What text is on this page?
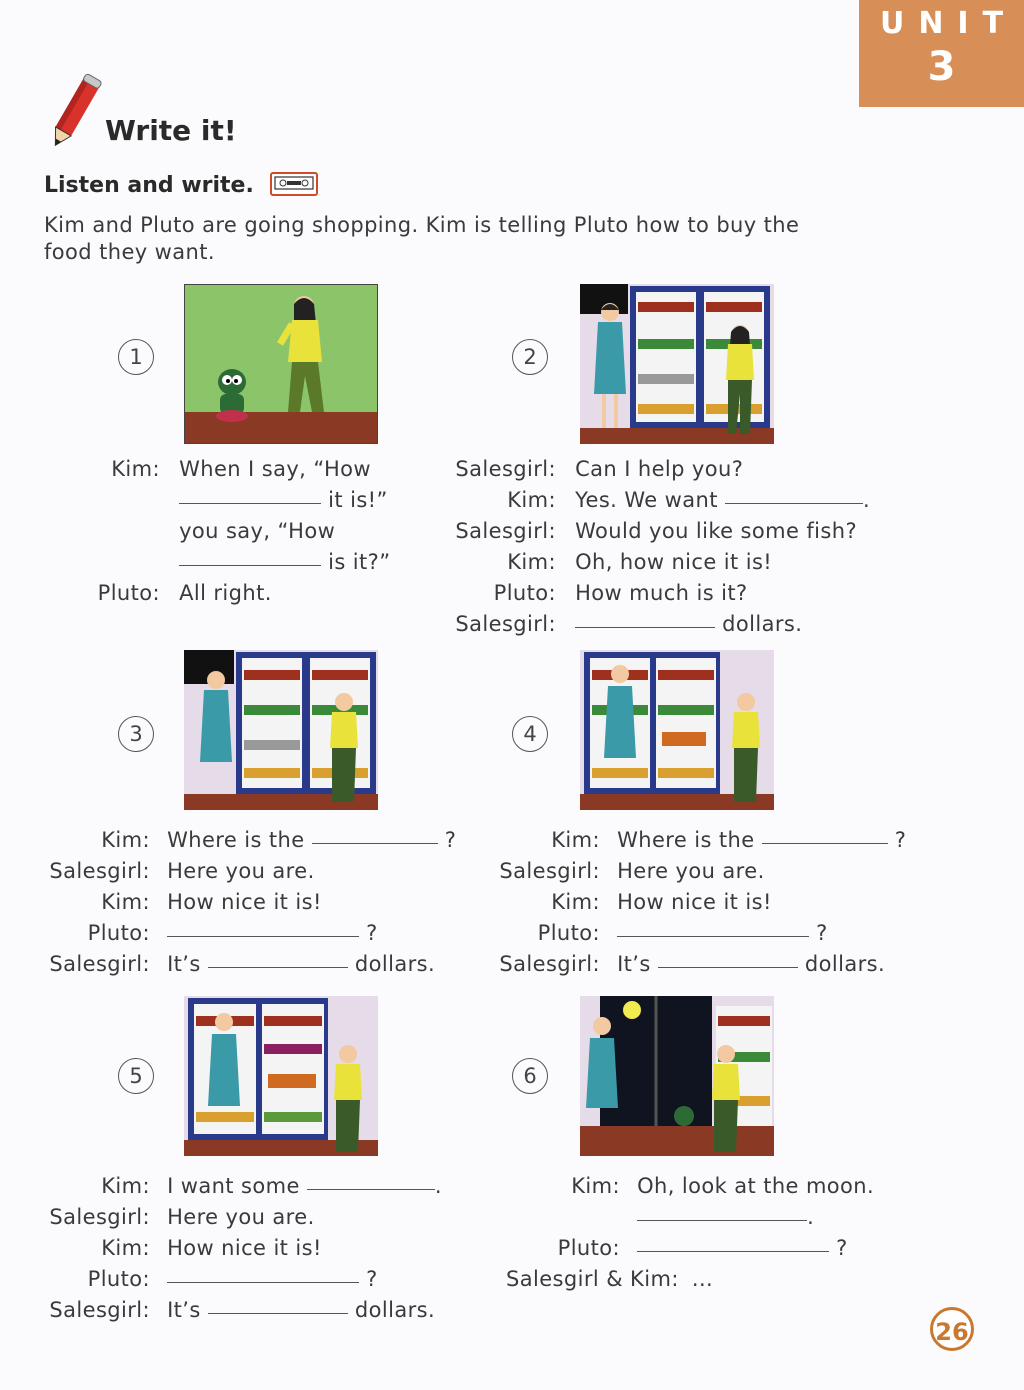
UNIT
3
Write it!
Listen and write.
Kim and Pluto are going shopping. Kim is telling Pluto how to buy the
food they want.
1	2
3	4
5	6
Kim: When I say, “How
it is!”
you say, “How
is it?”
Pluto: All right.
Salesgirl: Can I help you?
Kim: Yes. We want	.
Salesgirl: Would you like some fish?
Kim: Oh, how nice it is!
Pluto: How much is it?
Salesgirl:	dollars.
Kim: Where is the	?
Salesgirl: Here you are.
Kim: How nice it is!
Pluto:	?
Salesgirl: It’s	dollars.
Kim: Where is the	?
Salesgirl: Here you are.
Kim: How nice it is!
Pluto:	?
Salesgirl: It’s	dollars.
Kim: I want some	.
Salesgirl: Here you are.
Kim: How nice it is!
Pluto:	?
Salesgirl: It’s	dollars.
Kim: Oh, look at the moon.
.
Pluto:	?
Salesgirl & Kim: ...
26
